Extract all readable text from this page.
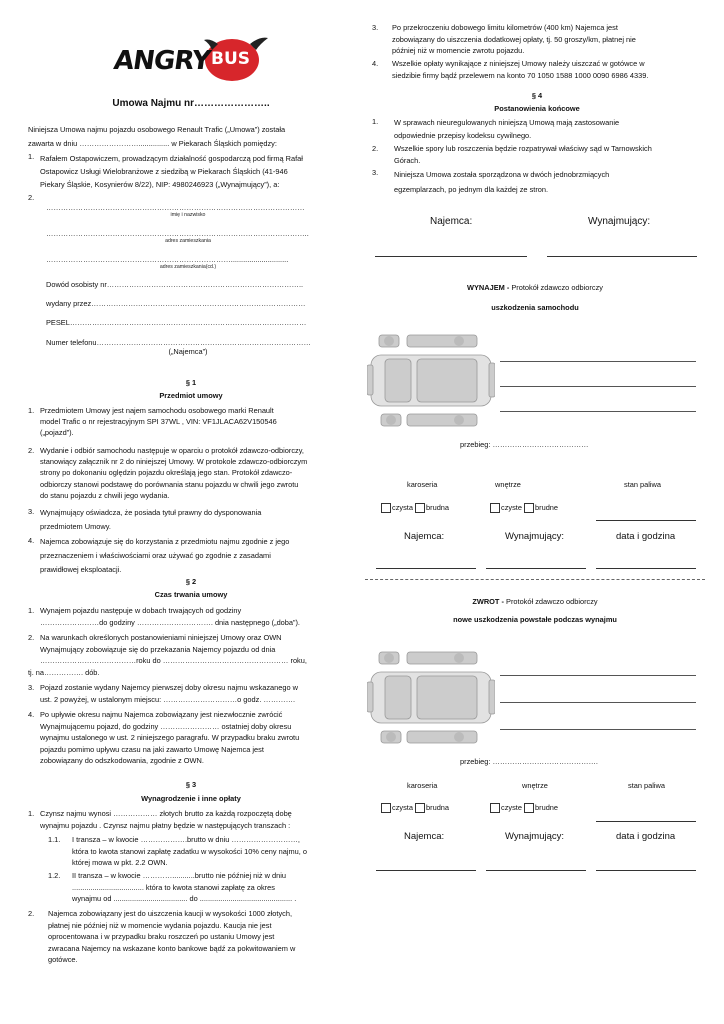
ANGRY BUS
Umowa Najmu nr…………………..
Niniejsza Umowa najmu pojazdu osobowego Renault Trafic („Umowa”) została
zawarta w dniu ……………………............... w Piekarach Śląskich pomiędzy:
1. Rafałem Ostapowiczem, prowadzącym działalność gospodarczą pod firmą Rafał
Ostapowicz Usługi Wielobranżowe z siedzibą w Piekarach Śląskich (41-946
Piekary Śląskie, Kosynierów 8/22), NIP: 4980246923 („Wynajmujący”), a:
2.
……………………………………………………………………………………………
imię i nazwisko
……………………………………………………………………………………………..
adres zamieszkania
…………………………………………………………………............................
adres zamieszkania(cd.)
Dowód osobisty nr……………………………………………………………………..
wydany przez……………………………………………………………………………
PESEL……………………………………………………………………………………
Numer telefonu……………………………………………………………………………
(„Najemca”)
§ 1
Przedmiot umowy
1. Przedmiotem Umowy jest najem samochodu osobowego marki Renault
model Trafic o nr rejestracyjnym SPI 37WL , VIN: VF1JLACA62V150546
(„pojazd”).
2. Wydanie i odbiór samochodu następuje w oparciu o protokół zdawczo-odbiorczy,
stanowiący załącznik nr 2 do niniejszej Umowy. W protokole zdawczo-odbiorczym
strony po dokonaniu oględzin pojazdu określają jego stan. Protokół zdawczo-
odbiorczy stanowi podstawę do porównania stanu pojazdu w chwili jego zwrotu
do stanu pojazdu z chwili jego wydania.
3. Wynajmujący oświadcza, że posiada tytuł prawny do dysponowania
przedmiotem Umowy.
4. Najemca zobowiązuje się do korzystania z przedmiotu najmu zgodnie z jego
przeznaczeniem i właściwościami oraz używać go zgodnie z zasadami
prawidłowej eksploatacji.
§ 2
Czas trwania umowy
1. Wynajem pojazdu następuje w dobach trwających od godziny
……………………do godziny …………………………. dnia następnego („doba”).
2. Na warunkach określonych postanowieniami niniejszej Umowy oraz OWN
Wynajmujący zobowiązuje się do przekazania Najemcy pojazdu od dnia
…………………………………roku do …………………………………………… roku,
tj. na……………. dób.
3. Pojazd zostanie wydany Najemcy pierwszej doby okresu najmu wskazanego w
ust. 2 powyżej, w ustalonym miejscu: …………………………o godz. ………….
4. Po upływie okresu najmu Najemca zobowiązany jest niezwłocznie zwrócić
Wynajmującemu pojazd, do godziny …………………… ostatniej doby okresu
wynajmu ustalonego w ust. 2 niniejszego paragrafu. W przypadku braku zwrotu
pojazdu pomimo upływu czasu na jaki zawarto Umowę Najemca jest
zobowiązany do odszkodowania, zgodnie z OWN.
§ 3
Wynagrodzenie i inne opłaty
1. Czynsz najmu wynosi ……………… złotych brutto za każdą rozpoczętą dobę
wynajmu pojazdu . Czynsz najmu płatny będzie w następujących transzach :
1.1. I transza – w kwocie ……………….brutto w dniu ………………………,
która to kwota stanowi zapłatę zadatku w wysokości 10% ceny najmu, o
której mowa w pkt. 2.2 OWN.
1.2. II transza – w kwocie …………...........brutto nie później niż w dniu
................................... która to kwota stanowi zapłatę za okres
wynajmu od .................................... do ............................................. .
2. Najemca zobowiązany jest do uiszczenia kaucji w wysokości 1000 złotych,
płatnej nie później niż w momencie wydania pojazdu. Kaucja nie jest
oprocentowana i w przypadku braku roszczeń po ustaniu Umowy jest
zwracana Najemcy na wskazane konto bankowe bądź za pokwitowaniem w
gotówce.
3. Po przekroczeniu dobowego limitu kilometrów (400 km) Najemca jest
zobowiązany do uiszczenia dodatkowej opłaty, tj. 50 groszy/km, płatnej nie
później niż w momencie zwrotu pojazdu.
4. Wszelkie opłaty wynikające z niniejszej Umowy należy uiszczać w gotówce w
siedzibie firmy bądź przelewem na konto 70 1050 1588 1000 0090 6986 4339.
§ 4
Postanowienia końcowe
1. W sprawach nieuregulowanych niniejszą Umową mają zastosowanie
odpowiednie przepisy kodeksu cywilnego.
2. Wszelkie spory lub roszczenia będzie rozpatrywał właściwy sąd w Tarnowskich
Górach.
3. Niniejsza Umowa została sporządzona w dwóch jednobrzmiących
egzemplarzach, po jednym dla każdej ze stron.
Najemca:	Wynajmujący:
WYNAJEM - Protokół zdawczo odbiorczy
uszkodzenia samochodu
przebieg: …………………………………
karoseria	wnętrze	stan paliwa
czysta brudna	czyste brudne
Najemca:	Wynajmujący:	data i godzina
ZWROT - Protokół zdawczo odbiorczy
nowe uszkodzenia powstałe podczas wynajmu
przebieg: …………………………………….
karoseria	wnętrze	stan paliwa
czysta brudna	czyste brudne
Najemca:	Wynajmujący:	data i godzina
